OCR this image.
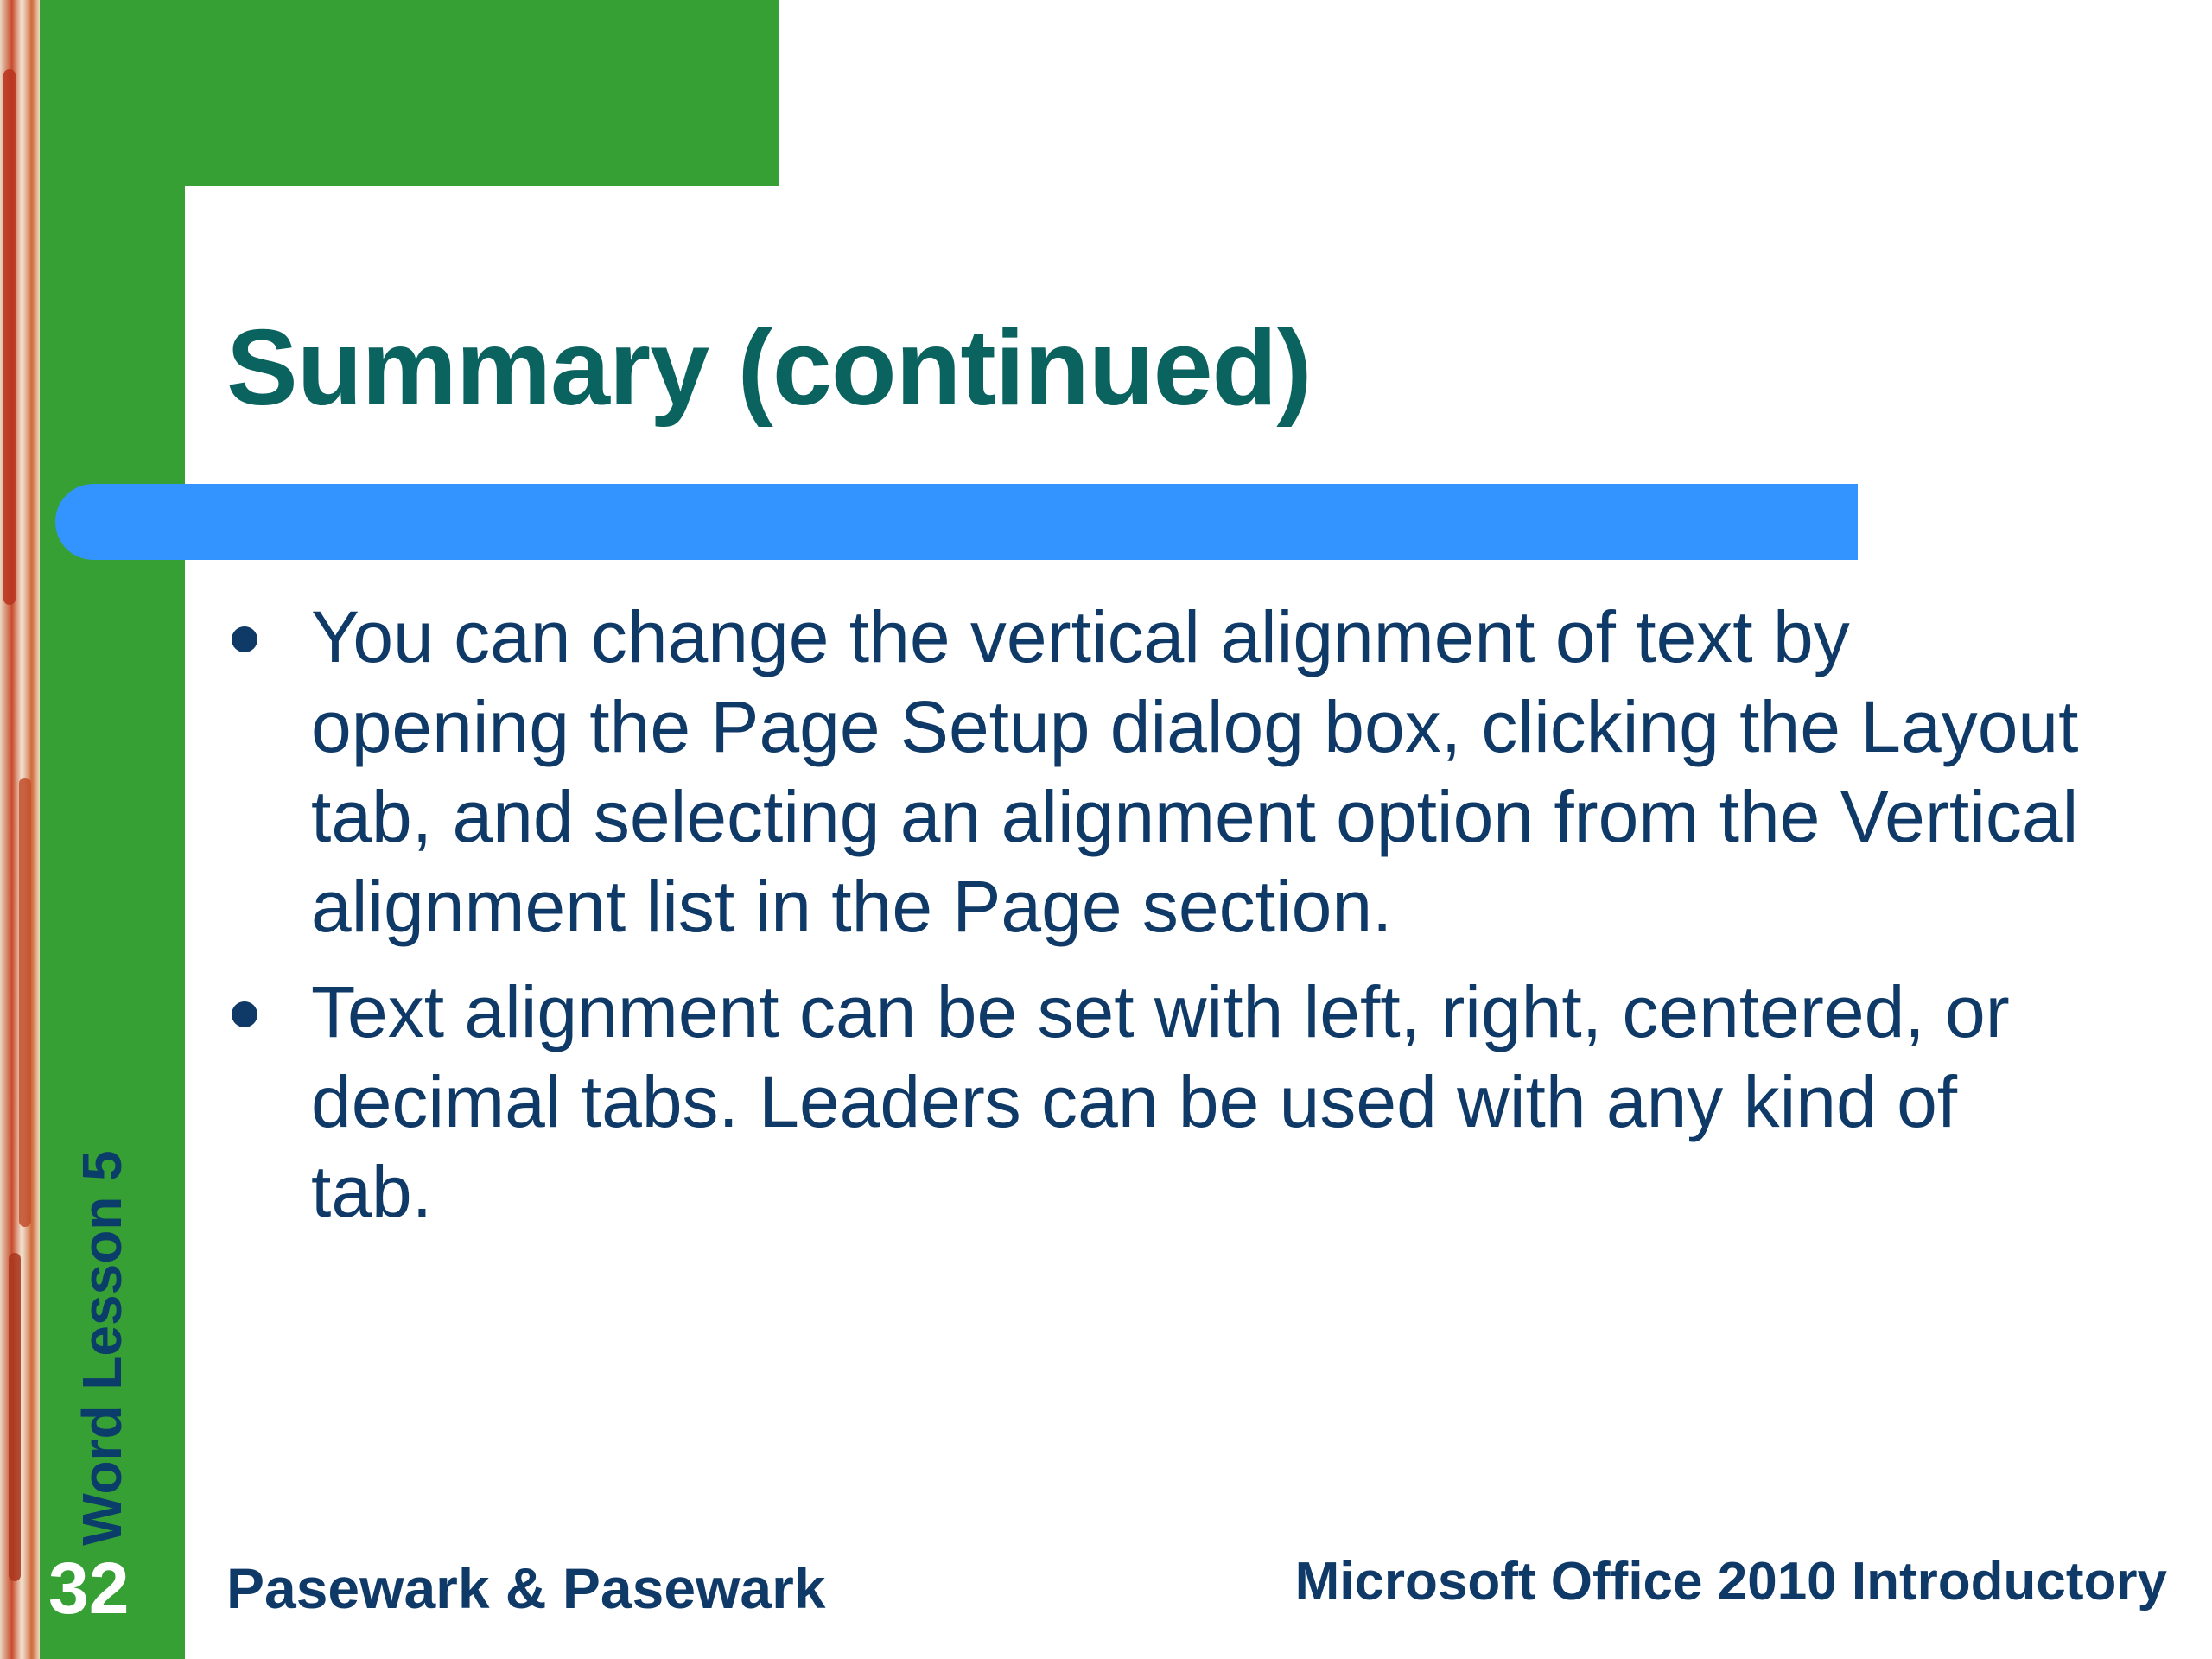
Summary (continued)
You can change the vertical alignment of text by opening the Page Setup dialog box, clicking the Layout tab, and selecting an alignment option from the Vertical alignment list in the Page section.
Text alignment can be set with left, right, centered, or decimal tabs. Leaders can be used with any kind of tab.
Word Lesson 5
32 Pasewark & Pasewark	Microsoft Office 2010 Introductory
